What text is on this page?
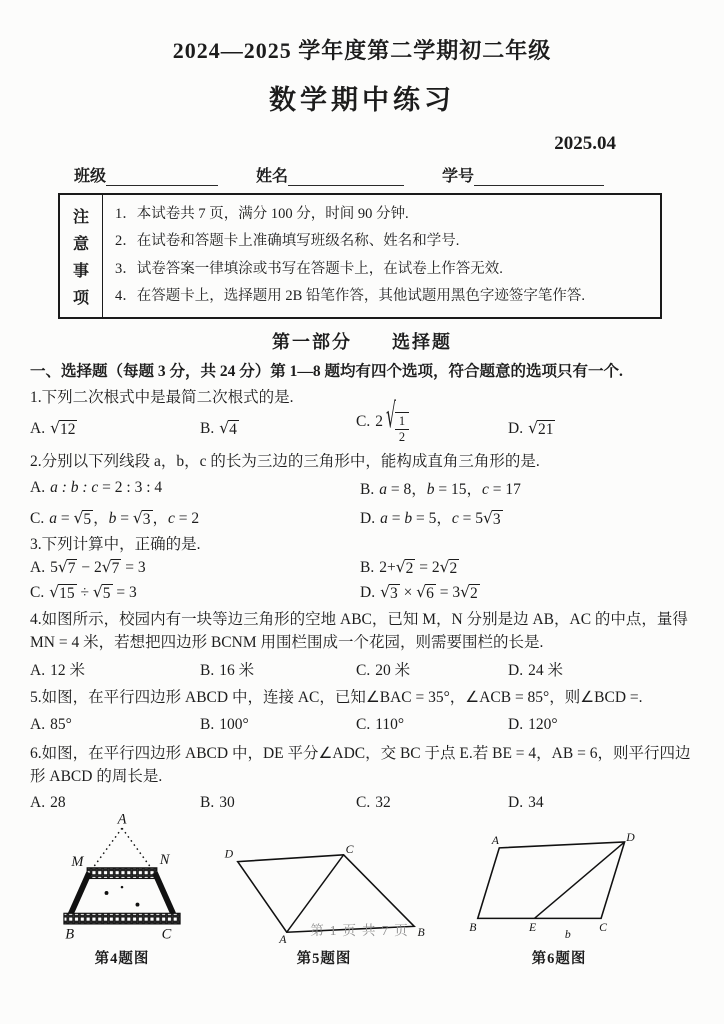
2024—2025 学年度第二学期初二年级
数学期中练习
2025.04
班级	姓名	学号
注
意
事
项
1．本试卷共 7 页，满分 100 分，时间 90 分钟.
2．在试卷和答题卡上准确填写班级名称、姓名和学号.
3．试卷答案一律填涂或书写在答题卡上，在试卷上作答无效.
4．在答题卡上，选择题用 2B 铅笔作答，其他试题用黑色字迹签字笔作答.
第一部分 选择题
一、选择题（每题 3 分，共 24 分）第 1—8 题均有四个选项，符合题意的选项只有一个.
1.下列二次根式中是最简二次根式的是.
A. √ 12	B. √ 4	C. 2 √ $\frac{1}{2}$	D. √ 21
2.分别以下列线段 a，b，c 的长为三边的三角形中，能构成直角三角形的是.
A. a : b : c = 2 : 3 : 4	B. a = 8，b = 15，c = 17
C. a = √ 5 ，b = √ 3 ，c = 2	D. a = b = 5，c = 5 √ 3
3.下列计算中，正确的是.
A. 5 √ 7 − 2 √ 7 = 3	B. 2+ √ 2 = 2 √ 2
C. √ 15 ÷ √ 5 = 3	D. √ 3 × √ 6 = 3 √ 2
4.如图所示，校园内有一块等边三角形的空地 ABC，已知 M，N 分别是边 AB，AC 的中点，量得 MN = 4 米，若想把四边形 BCNM 用围栏围成一个花园，则需要围栏的长是.
A. 12 米	B. 16 米	C. 20 米	D. 24 米
5.如图，在平行四边形 ABCD 中，连接 AC，已知∠BAC = 35°，∠ACB = 85°，则∠BCD =.
A. 85°	B. 100°	C. 110°	D. 120°
6.如图，在平行四边形 ABCD 中，DE 平分∠ADC，交 BC 于点 E.若 BE = 4，AB = 6，则平行四边形 ABCD 的周长是.
A. 28	B. 30	C. 32	D. 34
A
M	N
B	C
第4题图
D	C
A
B
第5题图
A	D
B	E	C
b
第6题图
第1页共7页
